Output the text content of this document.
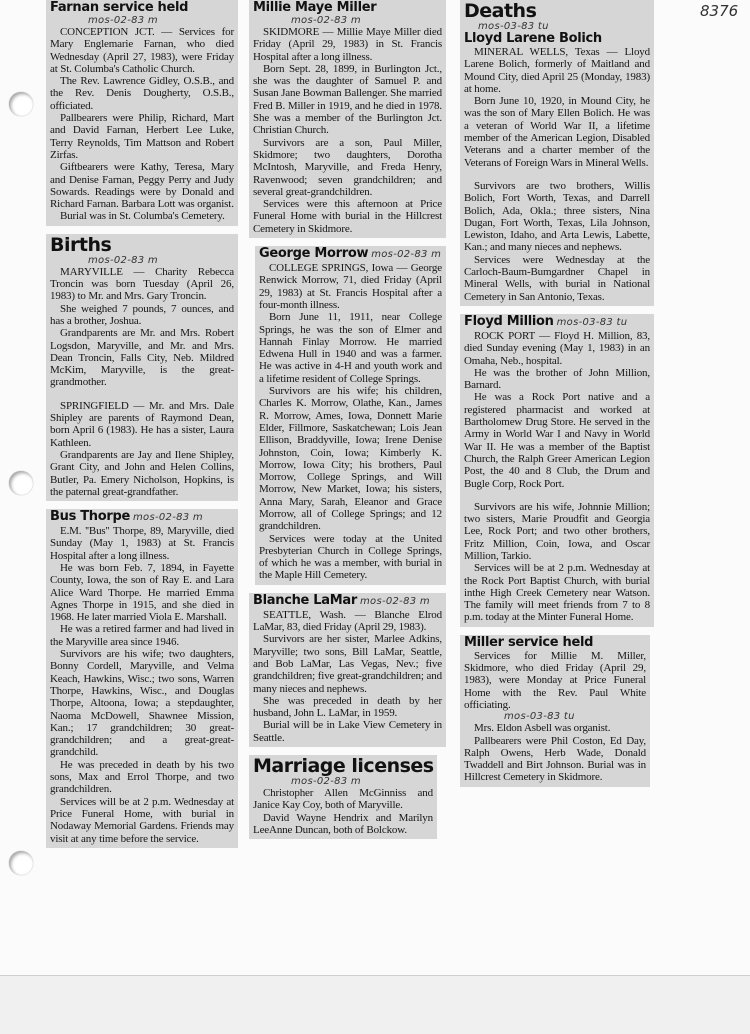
8376
Farnan service held
mos-02-83 m

CONCEPTION JCT. — Services for Mary Englemarie Farnan, who died Wednesday (April 27, 1983), were Friday at St. Columba's Catholic Church.

The Rev. Lawrence Gidley, O.S.B., and the Rev. Denis Dougherty, O.S.B., officiated.

Pallbearers were Philip, Richard, Mart and David Farnan, Herbert Lee Luke, Terry Reynolds, Tim Mattson and Robert Zirfas.

Giftbearers were Kathy, Teresa, Mary and Denise Farnan, Peggy Perry and Judy Sowards. Readings were by Donald and Richard Farnan. Barbara Lott was organist.

Burial was in St. Columba's Cemetery.

Births
mos-02-83 m

MARYVILLE — Charity Rebecca Troncin was born Tuesday (April 26, 1983) to Mr. and Mrs. Gary Troncin.

She weighed 7 pounds, 7 ounces, and has a brother, Joshua.

Grandparents are Mr. and Mrs. Robert Logsdon, Maryville, and Mr. and Mrs. Dean Troncin, Falls City, Neb. Mildred McKim, Maryville, is the great-grandmother.

SPRINGFIELD — Mr. and Mrs. Dale Shipley are parents of Raymond Dean, born April 6 (1983). He has a sister, Laura Kathleen.

Grandparents are Jay and Ilene Shipley, Grant City, and John and Helen Collins, Butler, Pa. Emery Nicholson, Hopkins, is the paternal great-grandfather.

Bus Thorpe mos-02-83 m

E.M. ''Bus'' Thorpe, 89, Maryville, died Sunday (May 1, 1983) at St. Francis Hospital after a long illness.

He was born Feb. 7, 1894, in Fayette County, Iowa, the son of Ray E. and Lara Alice Ward Thorpe. He married Emma Agnes Thorpe in 1915, and she died in 1968. He later married Viola E. Marshall.

He was a retired farmer and had lived in the Maryville area since 1946.

Survivors are his wife; two daughters, Bonny Cordell, Maryville, and Velma Keach, Hawkins, Wisc.; two sons, Warren Thorpe, Hawkins, Wisc., and Douglas Thorpe, Altoona, Iowa; a stepdaughter, Naoma McDowell, Shawnee Mission, Kan.; 17 grandchildren; 30 great-grandchildren; and a great-great-grandchild.

He was preceded in death by his two sons, Max and Errol Thorpe, and two grandchildren.

Services will be at 2 p.m. Wednesday at Price Funeral Home, with burial in Nodaway Memorial Gardens. Friends may visit at any time before the service.

Millie Maye Miller
mos-02-83 m

SKIDMORE — Millie Maye Miller died Friday (April 29, 1983) in St. Francis Hospital after a long illness.

Born Sept. 28, 1899, in Burlington Jct., she was the daughter of Samuel P. and Susan Jane Bowman Ballenger. She married Fred B. Miller in 1919, and he died in 1978. She was a member of the Burlington Jct. Christian Church.

Survivors are a son, Paul Miller, Skidmore; two daughters, Dorotha McIntosh, Maryville, and Freda Henry, Ravenwood; seven grandchildren; and several great-grandchildren.

Services were this afternoon at Price Funeral Home with burial in the Hillcrest Cemetery in Skidmore.

George Morrow mos-02-83 m

COLLEGE SPRINGS, Iowa — George Renwick Morrow, 71, died Friday (April 29, 1983) at St. Francis Hospital after a four-month illness.

Born June 11, 1911, near College Springs, he was the son of Elmer and Hannah Finlay Morrow. He married Edwena Hull in 1940 and was a farmer. He was active in 4-H and youth work and a lifetime resident of College Springs.

Survivors are his wife; his children, Charles K. Morrow, Olathe, Kan., James R. Morrow, Ames, Iowa, Donnett Marie Elder, Fillmore, Saskatchewan; Lois Jean Ellison, Braddyville, Iowa; Irene Denise Johnston, Coin, Iowa; Kimberly K. Morrow, Iowa City; his brothers, Paul Morrow, College Springs, and Will Morrow, New Market, Iowa; his sisters, Anna Mary, Sarah, Eleanor and Grace Morrow, all of College Springs; and 12 grandchildren.

Services were today at the United Presbyterian Church in College Springs, of which he was a member, with burial in the Maple Hill Cemetery.

Blanche LaMar mos-02-83 m

SEATTLE, Wash. — Blanche Elrod LaMar, 83, died Friday (April 29, 1983).

Survivors are her sister, Marlee Adkins, Maryville; two sons, Bill LaMar, Seattle, and Bob LaMar, Las Vegas, Nev.; five grandchildren; five great-grandchildren; and many nieces and nephews.

She was preceded in death by her husband, John L. LaMar, in 1959.

Burial will be in Lake View Cemetery in Seattle.

Marriage licenses
mos-02-83 m

Christopher Allen McGinniss and Janice Kay Coy, both of Maryville.

David Wayne Hendrix and Marilyn LeeAnne Duncan, both of Bolckow.

Deaths
mos-03-83 tu
Lloyd Larene Bolich

MINERAL WELLS, Texas — Lloyd Larene Bolich, formerly of Maitland and Mound City, died April 25 (Monday, 1983) at home.

Born June 10, 1920, in Mound City, he was the son of Mary Ellen Bolich. He was a veteran of World War II, a lifetime member of the American Legion, Disabled Veterans and a charter member of the Veterans of Foreign Wars in Mineral Wells.

Survivors are two brothers, Willis Bolich, Fort Worth, Texas, and Darrell Bolich, Ada, Okla.; three sisters, Nina Dugan, Fort Worth, Texas, Lila Johnson, Lewiston, Idaho, and Arta Lewis, Labette, Kan.; and many nieces and nephews.

Services were Wednesday at the Carloch-Baum-Bumgardner Chapel in Mineral Wells, with burial in National Cemetery in San Antonio, Texas.

Floyd Million mos-03-83 tu

ROCK PORT — Floyd H. Million, 83, died Sunday evening (May 1, 1983) in an Omaha, Neb., hospital.

He was the brother of John Million, Barnard.

He was a Rock Port native and a registered pharmacist and worked at Bartholomew Drug Store. He served in the Army in World War I and Navy in World War II. He was a member of the Baptist Church, the Ralph Greer American Legion Post, the 40 and 8 Club, the Drum and Bugle Corp, Rock Port.

Survivors are his wife, Johnnie Million; two sisters, Marie Proudfit and Georgia Lee, Rock Port; and two other brothers, Fritz Million, Coin, Iowa, and Oscar Million, Tarkio.

Services will be at 2 p.m. Wednesday at the Rock Port Baptist Church, with burial inthe High Creek Cemetery near Watson. The family will meet friends from 7 to 8 p.m. today at the Minter Funeral Home.

Miller service held

Services for Millie M. Miller, Skidmore, who died Friday (April 29, 1983), were Monday at Price Funeral Home with the Rev. Paul White officiating.

mos-03-83 tu

Mrs. Eldon Asbell was organist.

Pallbearers were Phil Coston, Ed Day, Ralph Owens, Herb Wade, Donald Twaddell and Birt Johnson. Burial was in Hillcrest Cemetery in Skidmore.
